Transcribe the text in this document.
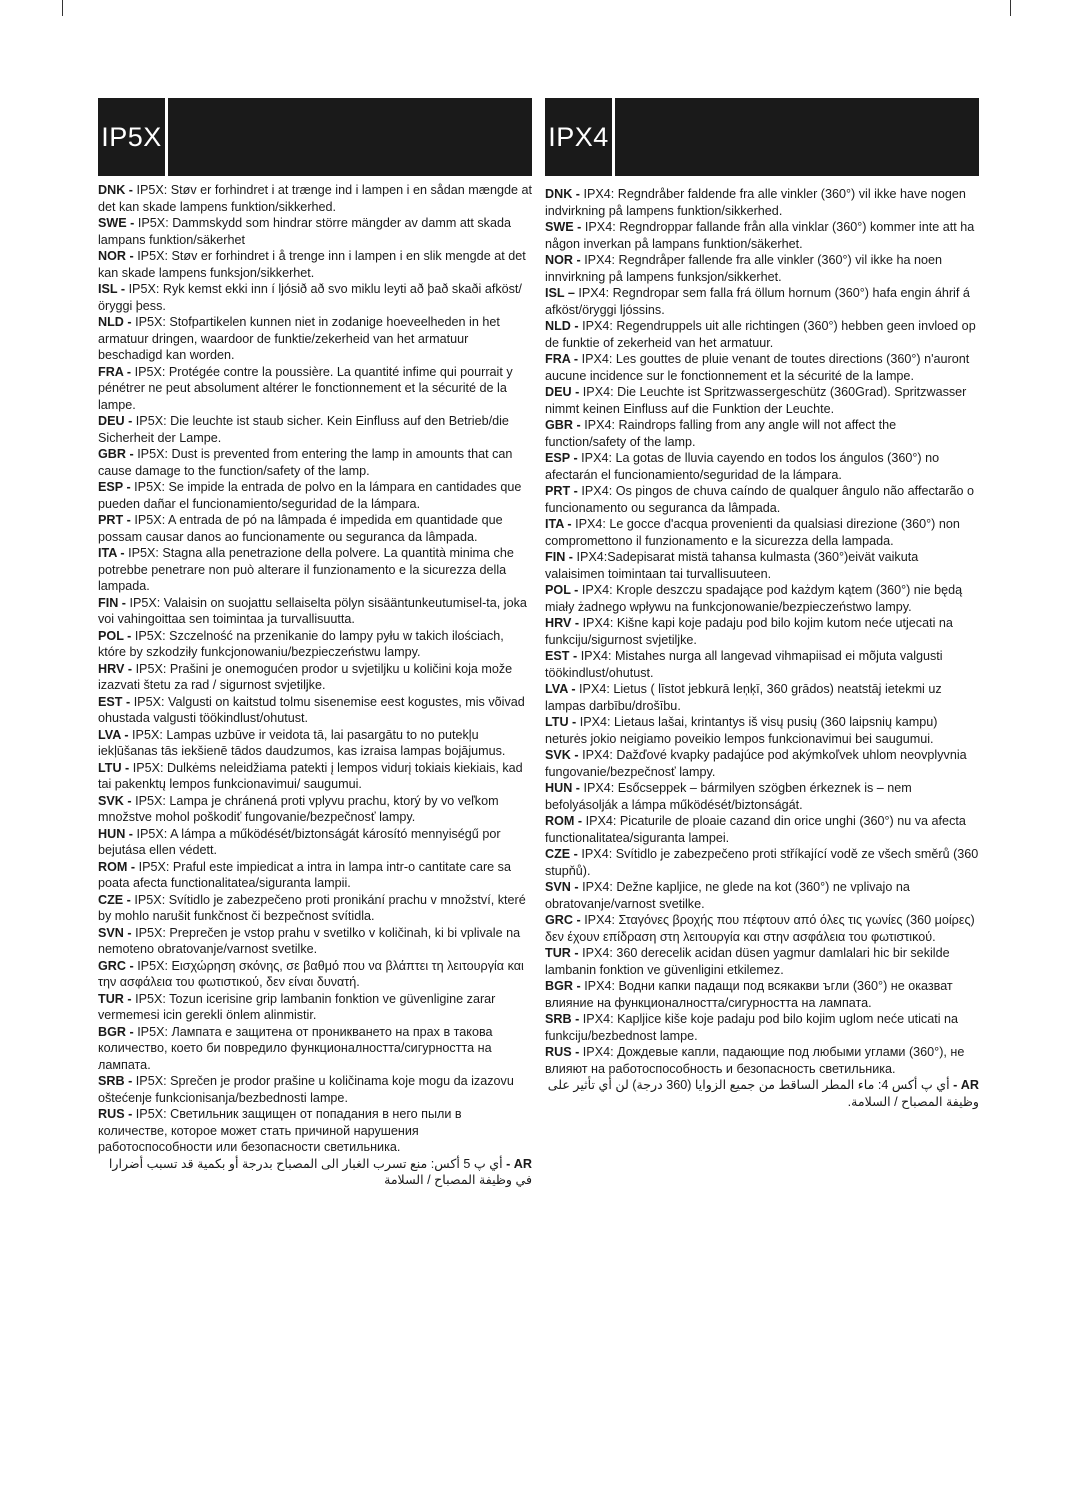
IP5X

DNK - IP5X: Støv er forhindret i at trænge ind i lampen i en sådan mængde at det kan skade lampens funktion/sikkerhed.

SWE - IP5X: Dammskydd som hindrar större mängder av damm att skada lampans funktion/säkerhet

NOR - IP5X: Støv er forhindret i å trenge inn i lampen i en slik mengde at det kan skade lampens funksjon/sikkerhet.

ISL - IP5X: Ryk kemst ekki inn í ljósið að svo miklu leyti að það skaði afköst/öryggi þess.

NLD - IP5X: Stofpartikelen kunnen niet in zodanige hoeveelheden in het armatuur dringen, waardoor de funktie/zekerheid van het armatuur beschadigd kan worden.

FRA - IP5X: Protégée contre la poussière. La quantité infime qui pourrait y pénétrer ne peut absolument altérer le fonctionnement et la sécurité de la lampe.

DEU - IP5X: Die leuchte ist staub sicher. Kein Einfluss auf den Betrieb/die Sicherheit der Lampe.

GBR - IP5X: Dust is prevented from entering the lamp in amounts that can cause damage to the function/safety of the lamp.

ESP - IP5X: Se impide la entrada de polvo en la lámpara en cantidades que pueden dañar el funcionamiento/seguridad de la lámpara.

PRT - IP5X: A entrada de pó na lâmpada é impedida em quantidade que possam causar danos ao funcionamente ou seguranca da lâmpada.

ITA - IP5X: Stagna alla penetrazione della polvere. La quantità minima che potrebbe penetrare non può alterare il funzionamento e la sicurezza della lampada.

FIN - IP5X: Valaisin on suojattu sellaiselta pölyn sisääntunkeutumisel-ta, joka voi vahingoittaa sen toimintaa ja turvallisuutta.

POL - IP5X: Szczelność na przenikanie do lampy pyłu w takich ilościach, które by szkodziły funkcjonowaniu/bezpieczeństwu lampy.

HRV - IP5X: Prašini je onemogućen prodor u svjetiljku u količini koja može izazvati štetu za rad / sigurnost svjetiljke.

EST - IP5X: Valgusti on kaitstud tolmu sisenemise eest kogustes, mis võivad ohustada valgusti töökindlust/ohutust.

LVA - IP5X: Lampas uzbūve ir veidota tā, lai pasargātu to no putekļu iekļūšanas tās iekšienē tādos daudzumos, kas izraisa lampas bojājumus.

LTU - IP5X: Dulkėms neleidžiama patekti į lempos vidurį tokiais kiekiais, kad tai pakenktų lempos funkcionavimui/ saugumui.

SVK - IP5X: Lampa je chránená proti vplyvu prachu, ktorý by vo veľkom množstve mohol poškodiť fungovanie/bezpečnosť lampy.

HUN - IP5X: A lámpa a működését/biztonságát károsító mennyiségű por bejutása ellen védett.

ROM - IP5X: Praful este impiedicat a intra in lampa intr-o cantitate care sa poata afecta functionalitatea/siguranta lampii.

CZE - IP5X: Svítidlo je zabezpečeno proti pronikání prachu v množství, které by mohlo narušit funkčnost či bezpečnost svítidla.

SVN - IP5X: Preprečen je vstop prahu v svetilko v količinah, ki bi vplivale na nemoteno obratovanje/varnost svetilke.

GRC - IP5X: Εισχώρηση σκόνης, σε βαθμό που να βλάπτει τη λειτουργία και την ασφάλεια του φωτιστικού, δεν είναι δυνατή.

TUR - IP5X: Tozun icerisine grip lambanin fonktion ve güvenligine zarar vermemesi icin gerekli önlem alinmistir.

BGR - IP5X: Лампата е защитена от проникването на прах в такова количество, което би повредило функционалността/сигурността на лампата.

SRB - IP5X: Sprečen je prodor prašine u količinama koje mogu da izazovu oštećenje funkcionisanja/bezbednosti lampe.

RUS - IP5X: Светильник защищен от попадания в него пыли в количестве, которое может стать причиной нарушения работоспособности или безопасности светильника.

AR - أي پ 5 أكس: منع تسرب الغبار الى المصباح بدرجة أو بكمية قد تسبب أضرارا في وظيفة المصباح / السلامة

IPX4

DNK - IPX4: Regndråber faldende fra alle vinkler (360°) vil ikke have nogen indvirkning på lampens funktion/sikkerhed.

SWE - IPX4: Regndroppar fallande från alla vinklar (360°) kommer inte att ha någon inverkan på lampans funktion/säkerhet.

NOR - IPX4: Regndråper fallende fra alle vinkler (360°) vil ikke ha noen innvirkning på lampens funksjon/sikkerhet.

ISL – IPX4: Regndropar sem falla frá öllum hornum (360°) hafa engin áhrif á afköst/öryggi ljóssins.

NLD - IPX4: Regendruppels uit alle richtingen (360°) hebben geen invloed op de funktie of zekerheid van het armatuur.

FRA - IPX4: Les gouttes de pluie venant de toutes directions (360°) n'auront aucune incidence sur le fonctionnement et la sécurité de la lampe.

DEU - IPX4: Die Leuchte ist Spritzwassergeschütz (360Grad). Spritzwasser nimmt keinen Einfluss auf die Funktion der Leuchte.

GBR - IPX4: Raindrops falling from any angle will not affect the function/safety of the lamp.

ESP - IPX4: La gotas de lluvia cayendo en todos los ángulos (360°) no afectarán el funcionamiento/seguridad de la lámpara.

PRT - IPX4: Os pingos de chuva caíndo de qualquer ângulo não affectarão o funcionamento ou seguranca da lâmpada.

ITA - IPX4: Le gocce d'acqua provenienti da qualsiasi direzione (360°) non compromettono il funzionamento e la sicurezza della lampada.

FIN - IPX4:Sadepisarat mistä tahansa kulmasta (360°)eivät vaikuta valaisimen toimintaan tai turvallisuuteen.

POL - IPX4: Krople deszczu spadające pod każdym kątem (360°) nie będą miały żadnego wpływu na funkcjonowanie/bezpieczeństwo lampy.

HRV - IPX4: Kišne kapi koje padaju pod bilo kojim kutom neće utjecati na funkciju/sigurnost svjetiljke.

EST - IPX4: Mistahes nurga all langevad vihmapiisad ei mõjuta valgusti töökindlust/ohutust.

LVA - IPX4: Lietus ( līstot jebkurā leņķī, 360 grādos) neatstāj ietekmi uz lampas darbību/drošību.

LTU - IPX4: Lietaus lašai, krintantys iš visų pusių (360 laipsnių kampu) neturės jokio neigiamo poveikio lempos funkcionavimui bei saugumui.

SVK - IPX4: Dažďové kvapky padajúce pod akýmkoľvek uhlom neovplyvnia fungovanie/bezpečnosť lampy.

HUN - IPX4: Esőcseppek – bármilyen szögben érkeznek is – nem befolyásolják a lámpa működését/biztonságát.

ROM - IPX4: Picaturile de ploaie cazand din orice unghi (360°) nu va afecta functionalitatea/siguranta lampei.

CZE - IPX4: Svítidlo je zabezpečeno proti stříkající vodě ze všech směrů (360 stupňů).

SVN - IPX4: Dežne kapljice, ne glede na kot (360°) ne vplivajo na obratovanje/varnost svetilke.

GRC - IPX4: Σταγόνες βροχής που πέφτουν από όλες τις γωνίες (360 μοίρες) δεν έχουν επίδραση στη λειτουργία και στην ασφάλεια του φωτιστικού.

TUR - IPX4: 360 derecelik acidan düsen yagmur damlalari hic bir sekilde lambanin fonktion ve güvenligini etkilemez.

BGR - IPX4: Водни капки падащи под всякакви ъгли (360°) не оказват влияние на функционалността/сигурността на лампата.

SRB - IPX4: Kapljice kiše koje padaju pod bilo kojim uglom neće uticati na funkciju/bezbednost lampe.

RUS - IPX4: Дождевые капли, падающие под любыми углами (360°), не влияют на работоспособность и безопасность светильника.

AR - أي پ أكس 4: ماء المطر الساقط من جميع الزوايا (360 درجة) لن أي تأثير على وظيفة المصباح / السلامة.
